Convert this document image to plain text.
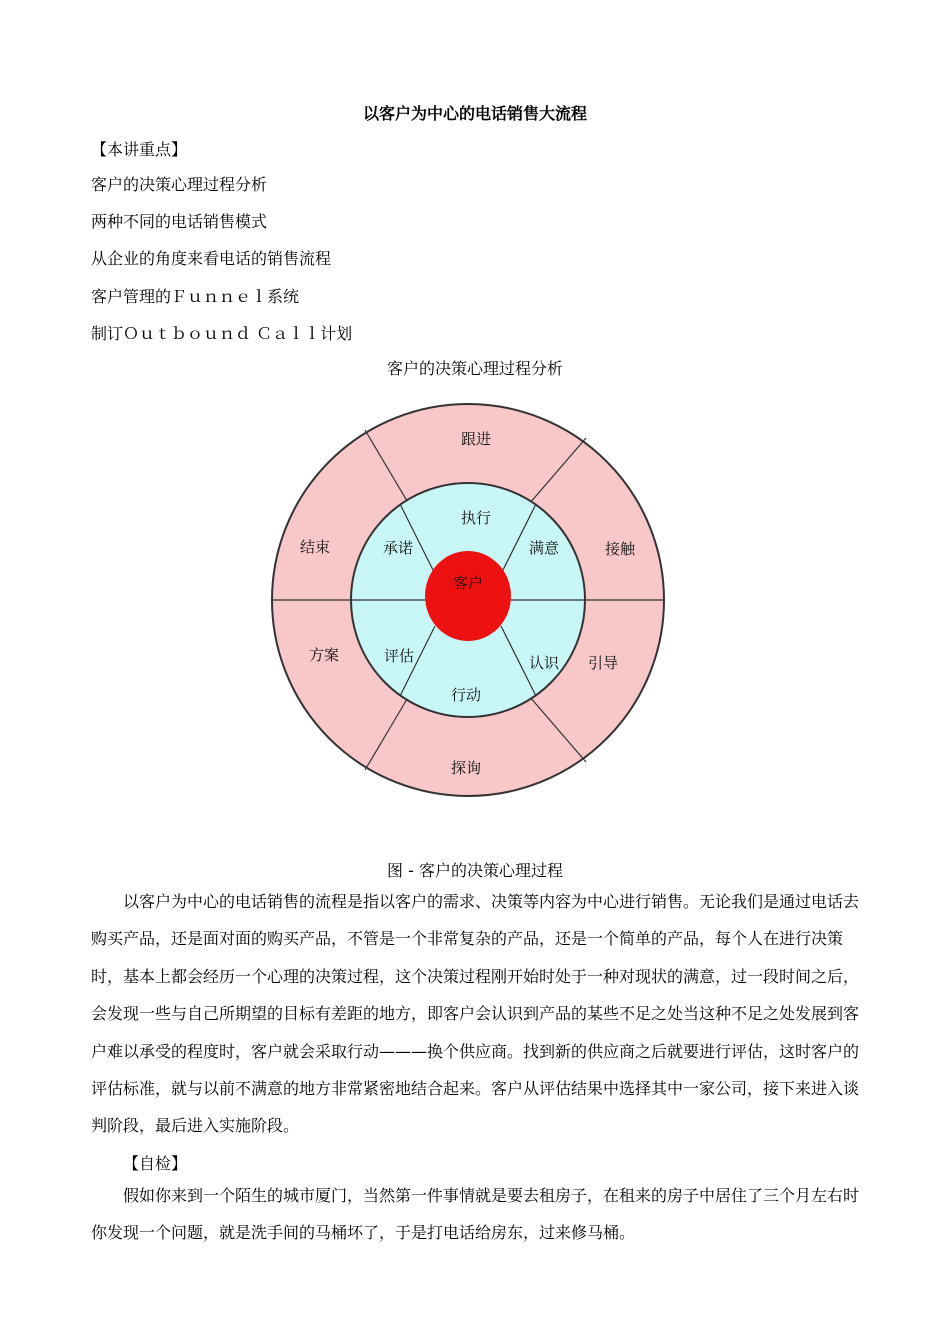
以客户为中心的电话销售大流程
【本讲重点】
客户的决策心理过程分析
两种不同的电话销售模式
从企业的角度来看电话的销售流程
客户管理的Ｆｕｎｎｅｌ系统
制订Ｏｕｔｂｏｕｎｄ Ｃａｌｌ计划
客户的决策心理过程分析
客户
执行
满意
认识
行动
评估
承诺
跟进
接触
引导
探询
方案
结束
图 - 客户的决策心理过程

以客户为中心的电话销售的流程是指以客户的需求、决策等内容为中心进行销售。无论我们是通过电话去购买产品，还是面对面的购买产品，不管是一个非常复杂的产品，还是一个简单的产品，每个人在进行决策时，基本上都会经历一个心理的决策过程，这个决策过程刚开始时处于一种对现状的满意，过一段时间之后，会发现一些与自己所期望的目标有差距的地方，即客户会认识到产品的某些不足之处当这种不足之处发展到客户难以承受的程度时，客户就会采取行动———换个供应商。找到新的供应商之后就要进行评估，这时客户的评估标准，就与以前不满意的地方非常紧密地结合起来。客户从评估结果中选择其中一家公司，接下来进入谈判阶段，最后进入实施阶段。

【自检】

假如你来到一个陌生的城市厦门，当然第一件事情就是要去租房子，在租来的房子中居住了三个月左右时你发现一个问题，就是洗手间的马桶坏了，于是打电话给房东，过来修马桶。
